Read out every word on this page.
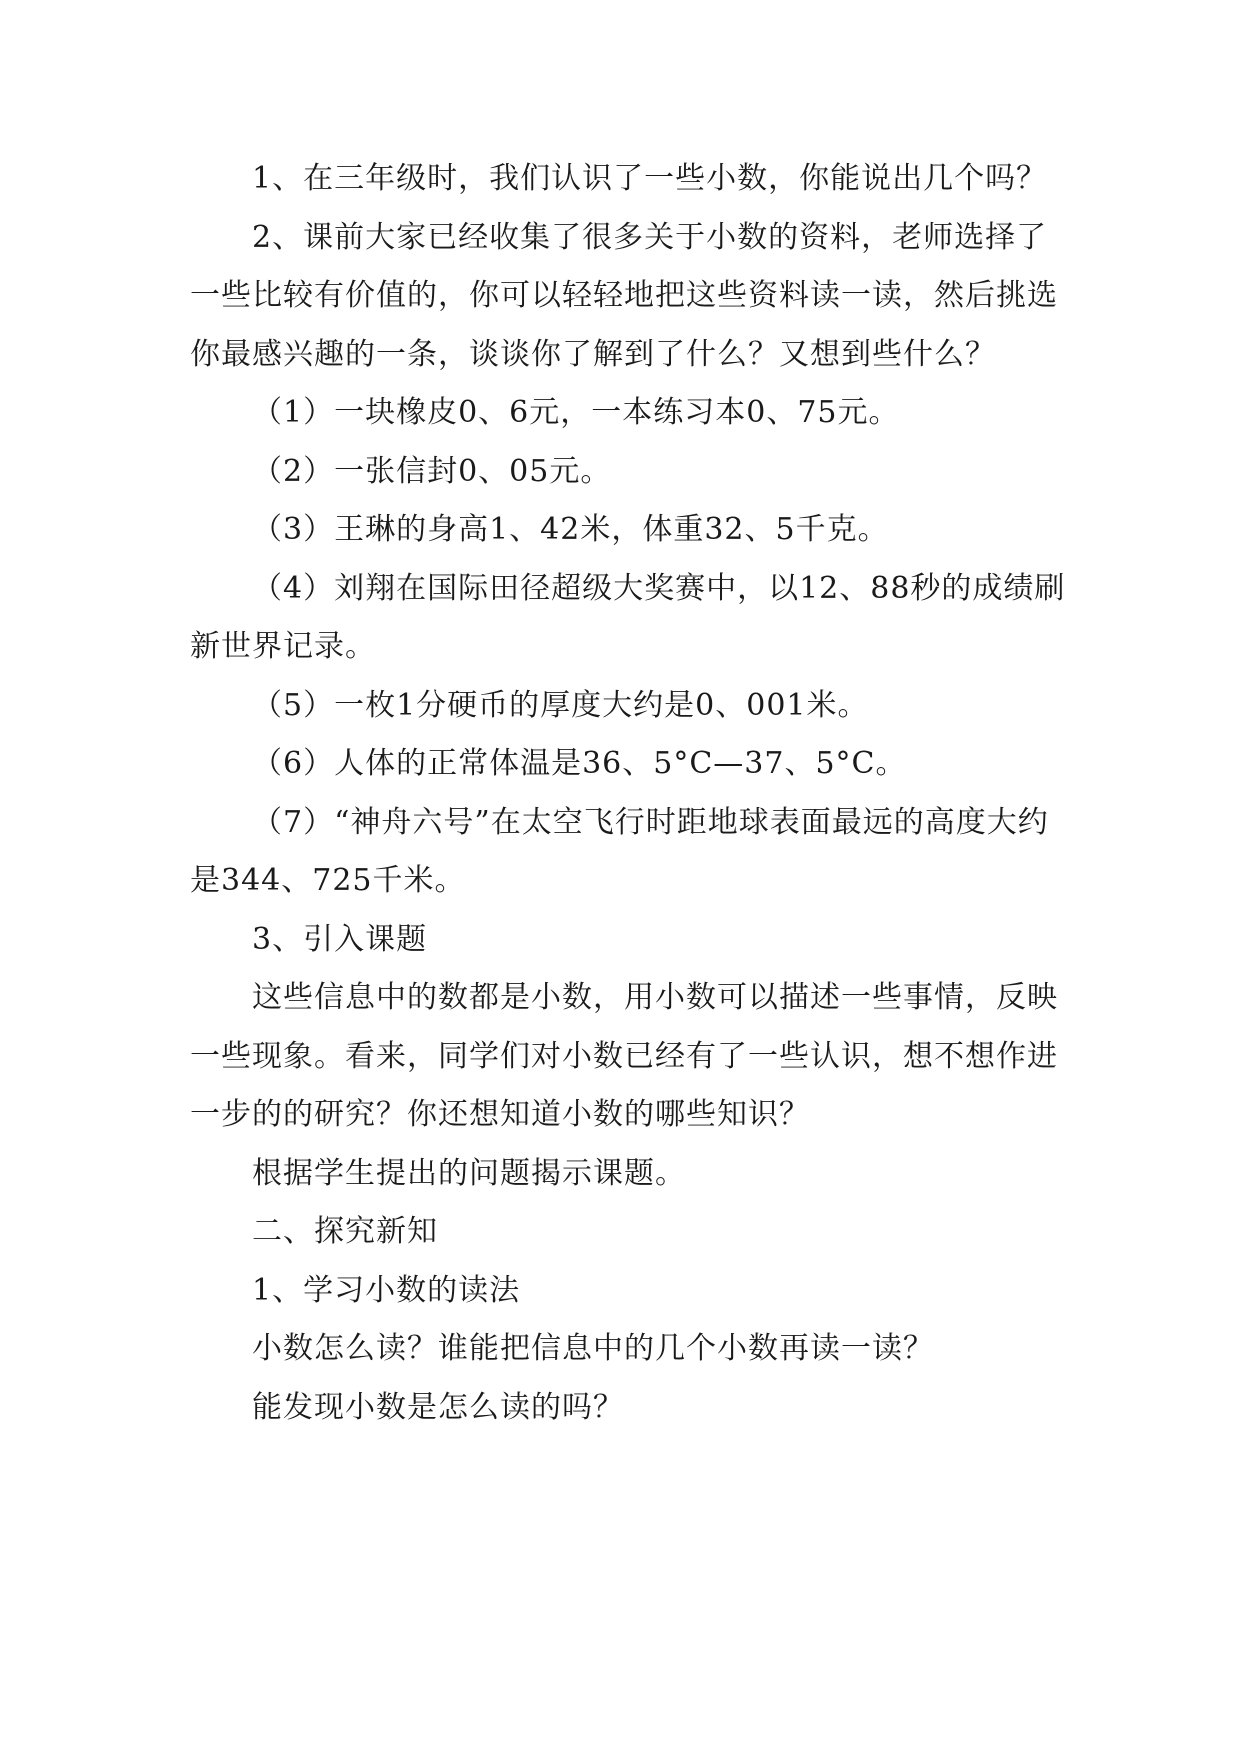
1、在三年级时，我们认识了一些小数，你能说出几个吗？

2、课前大家已经收集了很多关于小数的资料，老师选择了一些比较有价值的，你可以轻轻地把这些资料读一读，然后挑选你最感兴趣的一条，谈谈你了解到了什么？又想到些什么？

（1）一块橡皮0、6元，一本练习本0、75元。

（2）一张信封0、05元。

（3）王琳的身高1、42米，体重32、5千克。

（4）刘翔在国际田径超级大奖赛中，以12、88秒的成绩刷新世界记录。

（5）一枚1分硬币的厚度大约是0、001米。

（6）人体的正常体温是36、5°C—37、5°C。

（7）“神舟六号”在太空飞行时距地球表面最远的高度大约是344、725千米。

3、引入课题

这些信息中的数都是小数，用小数可以描述一些事情，反映一些现象。看来，同学们对小数已经有了一些认识，想不想作进一步的的研究？你还想知道小数的哪些知识？

根据学生提出的问题揭示课题。

二、探究新知

1、学习小数的读法

小数怎么读？谁能把信息中的几个小数再读一读？

能发现小数是怎么读的吗？
